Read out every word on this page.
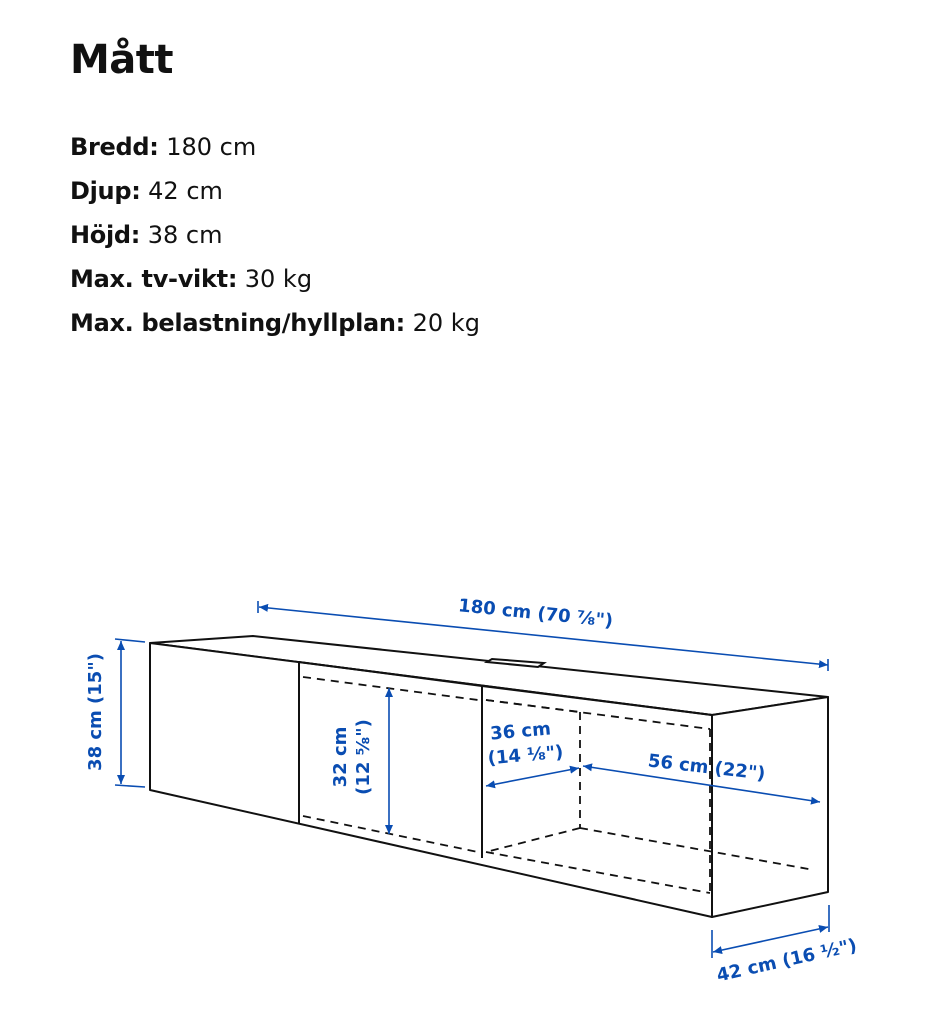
Mått
Bredd: 180 cm
Djup: 42 cm
Höjd: 38 cm
Max. tv-vikt: 30 kg
Max. belastning/hyllplan: 20 kg
180 cm (70 ⅞")
38 cm (15")	32 cm (12 ⅝")	36 cm
(14 ⅛")	56 cm (22")
42 cm (16 ½")
